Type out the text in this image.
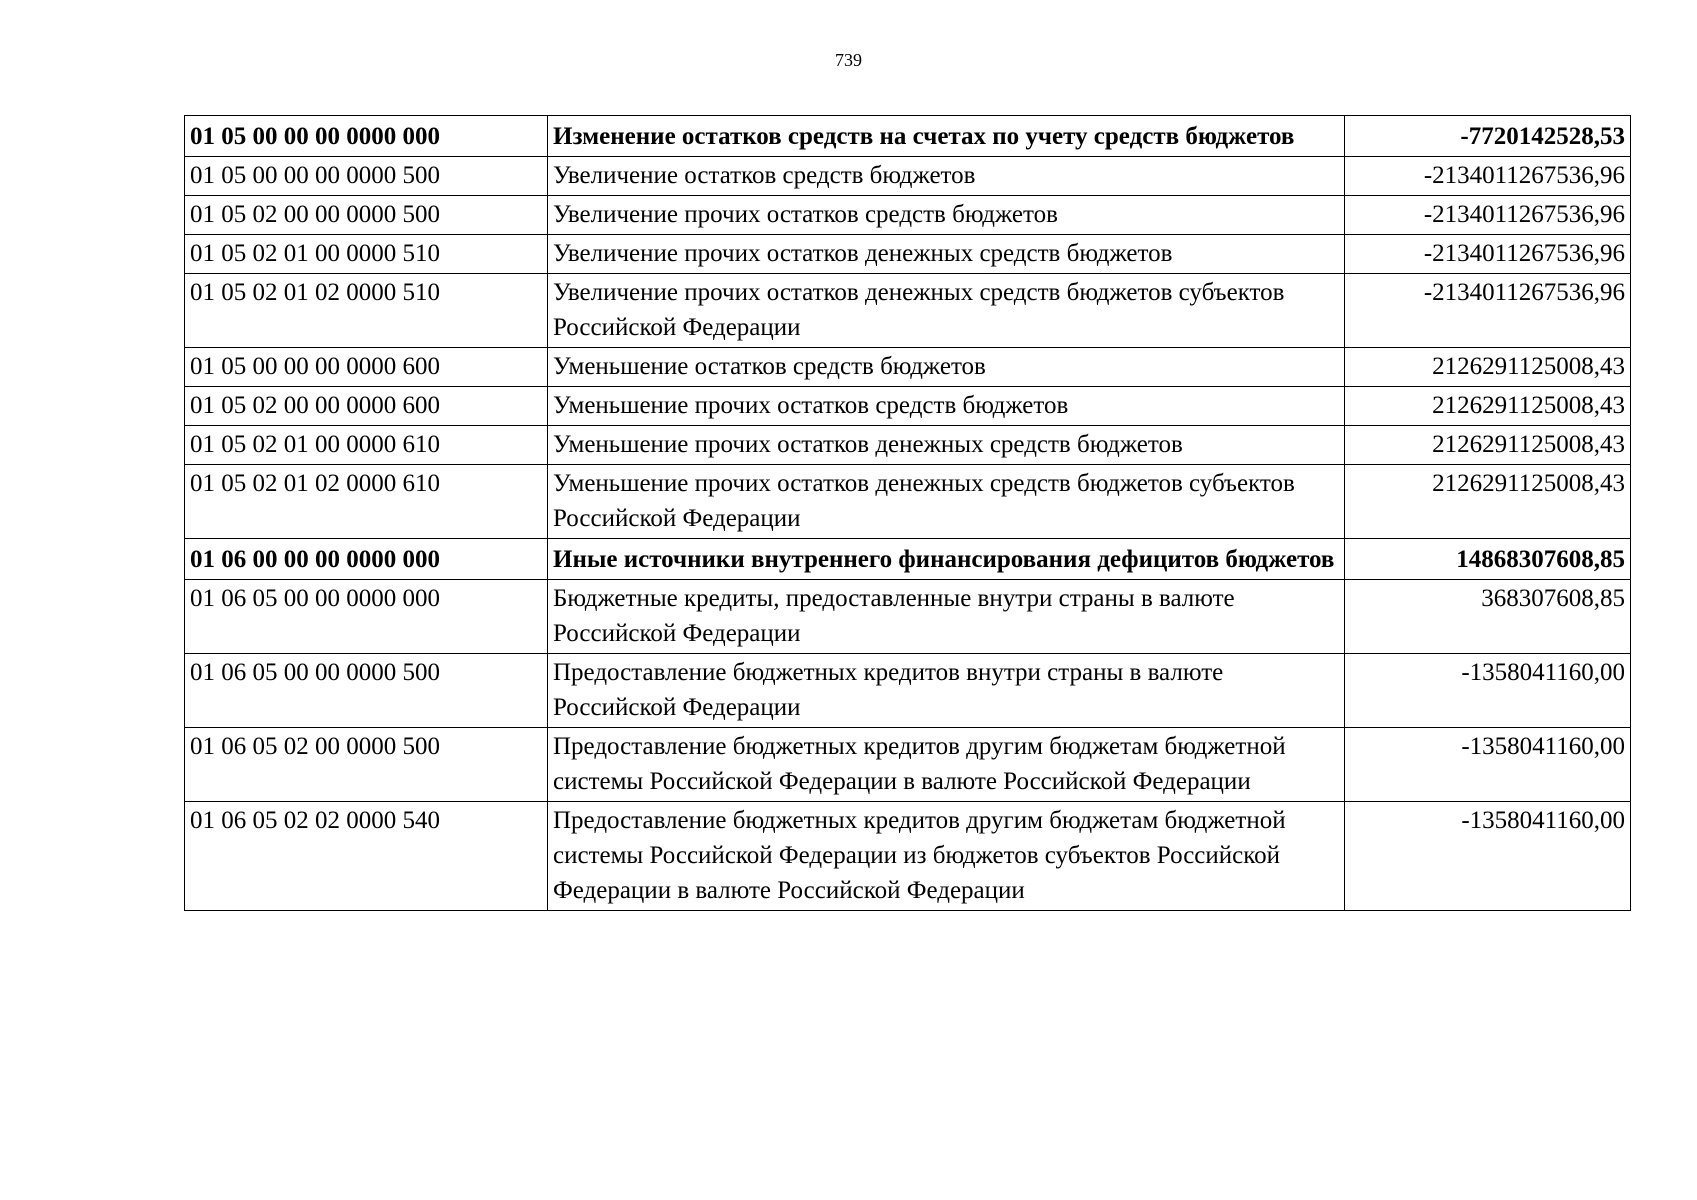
739
01 05 00 00 00 0000 000	Изменение остатков средств на счетах по учету средств бюджетов	-7720142528,53
01 05 00 00 00 0000 500	Увеличение остатков средств бюджетов	-2134011267536,96
01 05 02 00 00 0000 500	Увеличение прочих остатков средств бюджетов	-2134011267536,96
01 05 02 01 00 0000 510	Увеличение прочих остатков денежных средств бюджетов	-2134011267536,96
01 05 02 01 02 0000 510	Увеличение прочих остатков денежных средств бюджетов субъектов Российской Федерации	-2134011267536,96
01 05 00 00 00 0000 600	Уменьшение остатков средств бюджетов	2126291125008,43
01 05 02 00 00 0000 600	Уменьшение прочих остатков средств бюджетов	2126291125008,43
01 05 02 01 00 0000 610	Уменьшение прочих остатков денежных средств бюджетов	2126291125008,43
01 05 02 01 02 0000 610	Уменьшение прочих остатков денежных средств бюджетов субъектов Российской Федерации	2126291125008,43
01 06 00 00 00 0000 000	Иные источники внутреннего финансирования дефицитов бюджетов	14868307608,85
01 06 05 00 00 0000 000	Бюджетные кредиты, предоставленные внутри страны в валюте Российской Федерации	368307608,85
01 06 05 00 00 0000 500	Предоставление бюджетных кредитов внутри страны в валюте Российской Федерации	-1358041160,00
01 06 05 02 00 0000 500	Предоставление бюджетных кредитов другим бюджетам бюджетной системы Российской Федерации в валюте Российской Федерации	-1358041160,00
01 06 05 02 02 0000 540	Предоставление бюджетных кредитов другим бюджетам бюджетной системы Российской Федерации из бюджетов субъектов Российской Федерации в валюте Российской Федерации	-1358041160,00
